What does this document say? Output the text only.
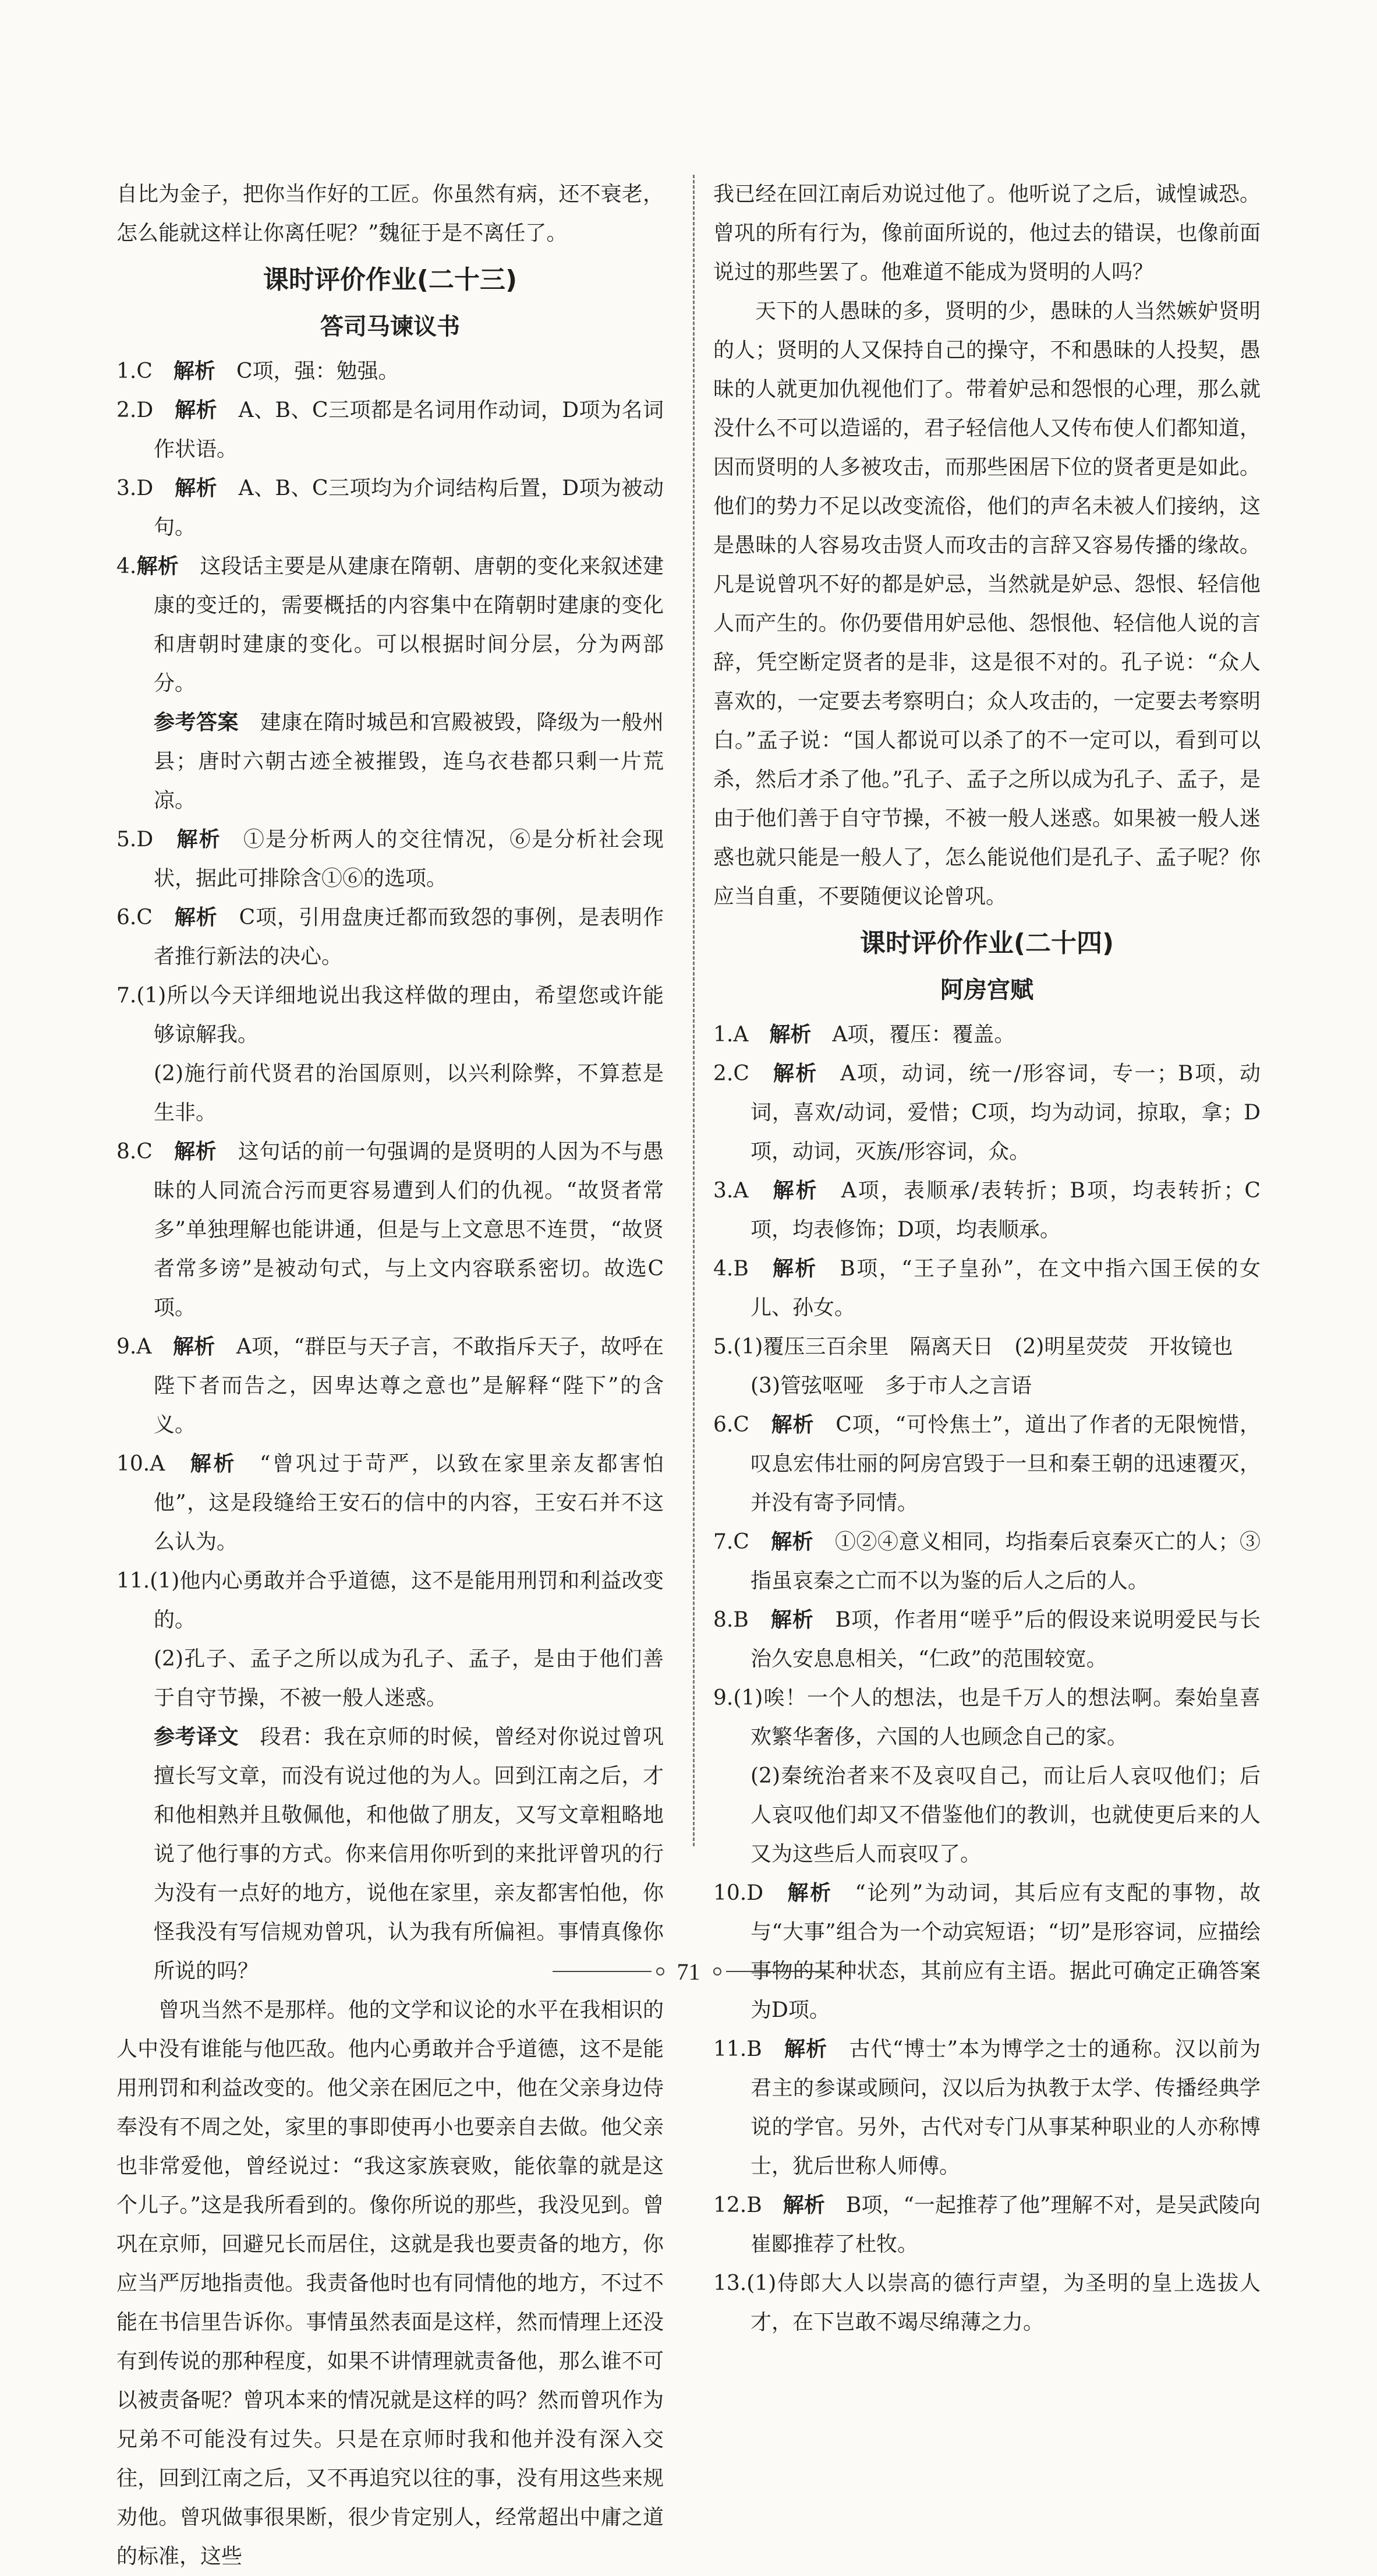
自比为金子，把你当作好的工匠。你虽然有病，还不衰老，怎么能就这样让你离任呢？”魏征于是不离任了。
课时评价作业(二十三)
答司马谏议书
1.C　 解析　 C项，强：勉强。
2.D　 解析　 A、B、C三项都是名词用作动词，D项为名词作状语。
3.D　 解析　 A、B、C三项均为介词结构后置，D项为被动句。
4.解析　 这段话主要是从建康在隋朝、唐朝的变化来叙述建康的变迁的，需要概括的内容集中在隋朝时建康的变化和唐朝时建康的变化。可以根据时间分层，分为两部分。
参考答案　 建康在隋时城邑和宫殿被毁，降级为一般州县；唐时六朝古迹全被摧毁，连乌衣巷都只剩一片荒凉。
5.D　 解析　 ①是分析两人的交往情况，⑥是分析社会现状，据此可排除含①⑥的选项。
6.C　 解析　 C项，引用盘庚迁都而致怨的事例，是表明作者推行新法的决心。
7.(1)所以今天详细地说出我这样做的理由，希望您或许能够谅解我。
(2)施行前代贤君的治国原则，以兴利除弊，不算惹是生非。
8.C　 解析　 这句话的前一句强调的是贤明的人因为不与愚昧的人同流合污而更容易遭到人们的仇视。“故贤者常多”单独理解也能讲通，但是与上文意思不连贯，“故贤者常多谤”是被动句式，与上文内容联系密切。故选C项。
9.A　 解析　 A项，“群臣与天子言，不敢指斥天子，故呼在陛下者而告之，因卑达尊之意也”是解释“陛下”的含义。
10.A　 解析　 “曾巩过于苛严，以致在家里亲友都害怕他”，这是段缝给王安石的信中的内容，王安石并不这么认为。
11.(1)他内心勇敢并合乎道德，这不是能用刑罚和利益改变的。
(2)孔子、孟子之所以成为孔子、孟子，是由于他们善于自守节操，不被一般人迷惑。
参考译文　 段君：我在京师的时候，曾经对你说过曾巩擅长写文章，而没有说过他的为人。回到江南之后，才和他相熟并且敬佩他，和他做了朋友，又写文章粗略地说了他行事的方式。你来信用你听到的来批评曾巩的行为没有一点好的地方，说他在家里，亲友都害怕他，你怪我没有写信规劝曾巩，认为我有所偏袒。事情真像你所说的吗？
曾巩当然不是那样。他的文学和议论的水平在我相识的人中没有谁能与他匹敌。他内心勇敢并合乎道德，这不是能用刑罚和利益改变的。他父亲在困厄之中，他在父亲身边侍奉没有不周之处，家里的事即使再小也要亲自去做。他父亲也非常爱他，曾经说过：“我这家族衰败，能依靠的就是这个儿子。”这是我所看到的。像你所说的那些，我没见到。曾巩在京师，回避兄长而居住，这就是我也要责备的地方，你应当严厉地指责他。我责备他时也有同情他的地方，不过不能在书信里告诉你。事情虽然表面是这样，然而情理上还没有到传说的那种程度，如果不讲情理就责备他，那么谁不可以被责备呢？曾巩本来的情况就是这样的吗？然而曾巩作为兄弟不可能没有过失。只是在京师时我和他并没有深入交往，回到江南之后，又不再追究以往的事，没有用这些来规劝他。曾巩做事很果断，很少肯定别人，经常超出中庸之道的标准，这些
我已经在回江南后劝说过他了。他听说了之后，诚惶诚恐。曾巩的所有行为，像前面所说的，他过去的错误，也像前面说过的那些罢了。他难道不能成为贤明的人吗？
天下的人愚昧的多，贤明的少，愚昧的人当然嫉妒贤明的人；贤明的人又保持自己的操守，不和愚昧的人投契，愚昧的人就更加仇视他们了。带着妒忌和怨恨的心理，那么就没什么不可以造谣的，君子轻信他人又传布使人们都知道，因而贤明的人多被攻击，而那些困居下位的贤者更是如此。他们的势力不足以改变流俗，他们的声名未被人们接纳，这是愚昧的人容易攻击贤人而攻击的言辞又容易传播的缘故。凡是说曾巩不好的都是妒忌，当然就是妒忌、怨恨、轻信他人而产生的。你仍要借用妒忌他、怨恨他、轻信他人说的言辞，凭空断定贤者的是非，这是很不对的。孔子说：“众人喜欢的，一定要去考察明白；众人攻击的，一定要去考察明白。”孟子说：“国人都说可以杀了的不一定可以，看到可以杀，然后才杀了他。”孔子、孟子之所以成为孔子、孟子，是由于他们善于自守节操，不被一般人迷惑。如果被一般人迷惑也就只能是一般人了，怎么能说他们是孔子、孟子呢？你应当自重，不要随便议论曾巩。
课时评价作业(二十四)
阿房宫赋
1.A　 解析　 A项，覆压：覆盖。
2.C　 解析　 A项，动词，统一/形容词，专一；B项，动词，喜欢/动词，爱惜；C项，均为动词，掠取，拿；D项，动词，灭族/形容词，众。
3.A　 解析　 A项，表顺承/表转折；B项，均表转折；C项，均表修饰；D项，均表顺承。
4.B　 解析　 B项，“王子皇孙”，在文中指六国王侯的女儿、孙女。
5.(1)覆压三百余里　隔离天日　(2)明星荧荧　开妆镜也
(3)管弦呕哑　多于市人之言语
6.C　 解析　 C项，“可怜焦土”，道出了作者的无限惋惜，叹息宏伟壮丽的阿房宫毁于一旦和秦王朝的迅速覆灭，并没有寄予同情。
7.C　 解析　 ①②④意义相同，均指秦后哀秦灭亡的人；③指虽哀秦之亡而不以为鉴的后人之后的人。
8.B　 解析　 B项，作者用“嗟乎”后的假设来说明爱民与长治久安息息相关，“仁政”的范围较宽。
9.(1)唉！一个人的想法，也是千万人的想法啊。秦始皇喜欢繁华奢侈，六国的人也顾念自己的家。
(2)秦统治者来不及哀叹自己，而让后人哀叹他们；后人哀叹他们却又不借鉴他们的教训，也就使更后来的人又为这些后人而哀叹了。
10.D　 解析　 “论列”为动词，其后应有支配的事物，故与“大事”组合为一个动宾短语；“切”是形容词，应描绘事物的某种状态，其前应有主语。据此可确定正确答案为D项。
11.B　 解析　 古代“博士”本为博学之士的通称。汉以前为君主的参谋或顾问，汉以后为执教于太学、传播经典学说的学官。另外，古代对专门从事某种职业的人亦称博士，犹后世称人师傅。
12.B　 解析　 B项，“一起推荐了他”理解不对，是吴武陵向崔郾推荐了杜牧。
13.(1)侍郎大人以崇高的德行声望，为圣明的皇上选拔人才，在下岂敢不竭尽绵薄之力。
71
